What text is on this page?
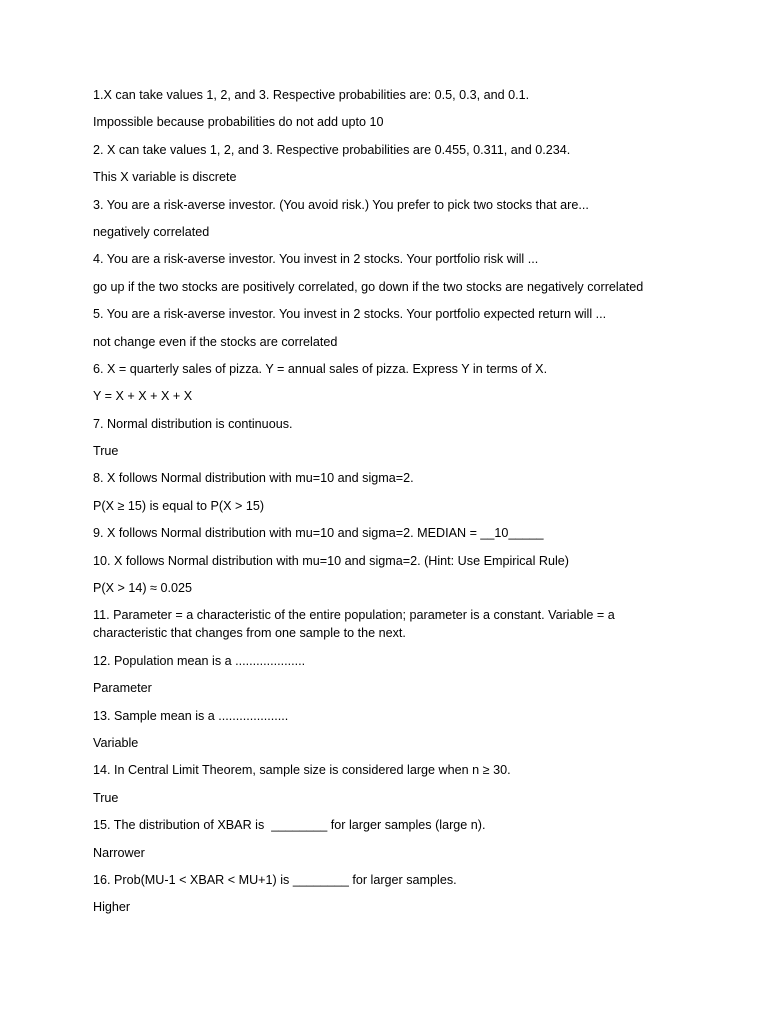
1.X can take values 1, 2, and 3. Respective probabilities are: 0.5, 0.3, and 0.1.

Impossible because probabilities do not add upto 10

2. X can take values 1, 2, and 3. Respective probabilities are 0.455, 0.311, and 0.234.

This X variable is discrete

3. You are a risk-averse investor. (You avoid risk.) You prefer to pick two stocks that are...

negatively correlated

4. You are a risk-averse investor. You invest in 2 stocks. Your portfolio risk will ...

go up if the two stocks are positively correlated, go down if the two stocks are negatively correlated

5. You are a risk-averse investor. You invest in 2 stocks. Your portfolio expected return will ...

not change even if the stocks are correlated

6. X = quarterly sales of pizza. Y = annual sales of pizza. Express Y in terms of X.

Y = X + X + X + X

7. Normal distribution is continuous.

True

8. X follows Normal distribution with mu=10 and sigma=2.

P(X ≥ 15) is equal to P(X > 15)

9. X follows Normal distribution with mu=10 and sigma=2. MEDIAN = __10_____

10. X follows Normal distribution with mu=10 and sigma=2. (Hint: Use Empirical Rule)

P(X > 14) ≈ 0.025

11. Parameter = a characteristic of the entire population; parameter is a constant. Variable = a characteristic that changes from one sample to the next.

12. Population mean is a ....................

Parameter

13. Sample mean is a ....................

Variable

14. In Central Limit Theorem, sample size is considered large when n ≥ 30.

True

15. The distribution of XBAR is  ________ for larger samples (large n).

Narrower

16. Prob(MU-1 < XBAR < MU+1) is ________ for larger samples.

Higher
